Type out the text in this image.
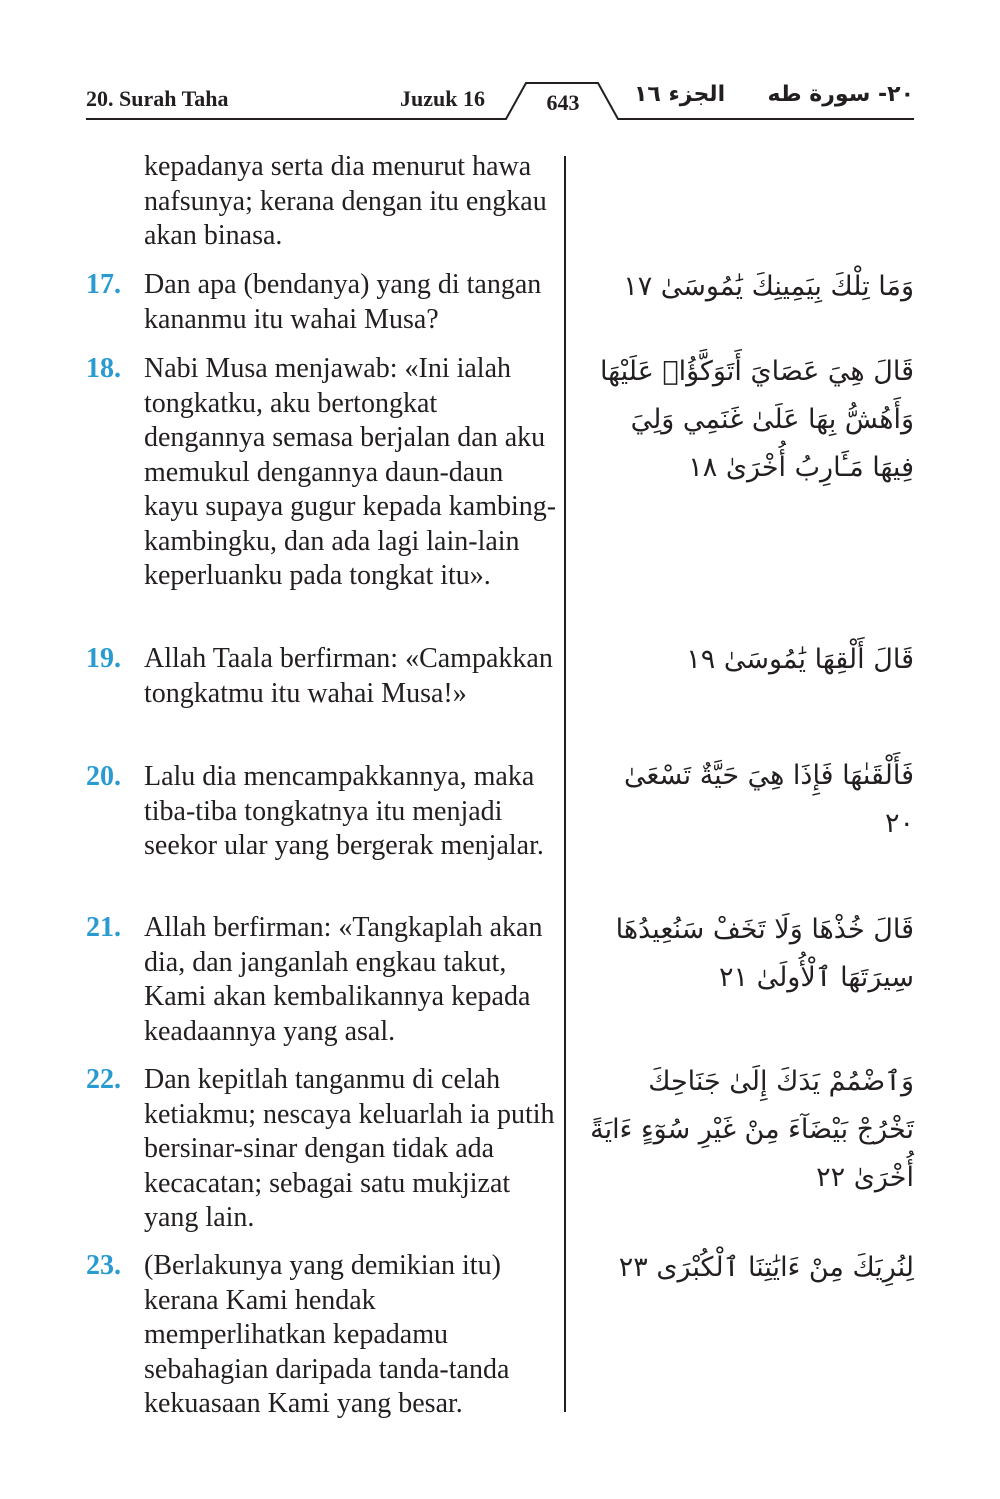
20. Surah Taha	Juzuk 16	643	الجزء ١٦ ٢٠- سورة طه
kepadanya serta dia menurut hawa nafsunya; kerana dengan itu engkau akan binasa.
17. Dan apa (bendanya) yang di tangan kananmu itu wahai Musa?
وَمَا تِلْكَ بِيَمِينِكَ يَٰمُوسَىٰ ١٧
18. Nabi Musa menjawab: «Ini ialah tongkatku, aku bertongkat dengannya semasa berjalan dan aku memukul dengannya daun-daun kayu supaya gugur kepada kambing-kambingku, dan ada lagi lain-lain keperluanku pada tongkat itu».
قَالَ هِيَ عَصَايَ أَتَوَكَّؤُا۟ عَلَيْهَا وَأَهُشُّ بِهَا عَلَىٰ غَنَمِي وَلِيَ فِيهَا مَـَٔارِبُ أُخْرَىٰ ١٨
19. Allah Taala berfirman: «Campakkan tongkatmu itu wahai Musa!»
قَالَ أَلْقِهَا يَٰمُوسَىٰ ١٩
20. Lalu dia mencampakkannya, maka tiba-tiba tongkatnya itu menjadi seekor ular yang bergerak menjalar.
فَأَلْقَىٰهَا فَإِذَا هِيَ حَيَّةٌ تَسْعَىٰ ٢٠
21. Allah berfirman: «Tangkaplah akan dia, dan janganlah engkau takut, Kami akan kembalikannya kepada keadaannya yang asal.
قَالَ خُذْهَا وَلَا تَخَفْ سَنُعِيدُهَا سِيرَتَهَا ٱلْأُولَىٰ ٢١
22. Dan kepitlah tanganmu di celah ketiakmu; nescaya keluarlah ia putih bersinar-sinar dengan tidak ada kecacatan; sebagai satu mukjizat yang lain.
وَٱضْمُمْ يَدَكَ إِلَىٰ جَنَاحِكَ تَخْرُجْ بَيْضَآءَ مِنْ غَيْرِ سُوٓءٍ ءَايَةً أُخْرَىٰ ٢٢
23. (Berlakunya yang demikian itu) kerana Kami hendak memperlihatkan kepadamu sebahagian daripada tanda-tanda kekuasaan Kami yang besar.
لِنُرِيَكَ مِنْ ءَايَٰتِنَا ٱلْكُبْرَى ٢٣
